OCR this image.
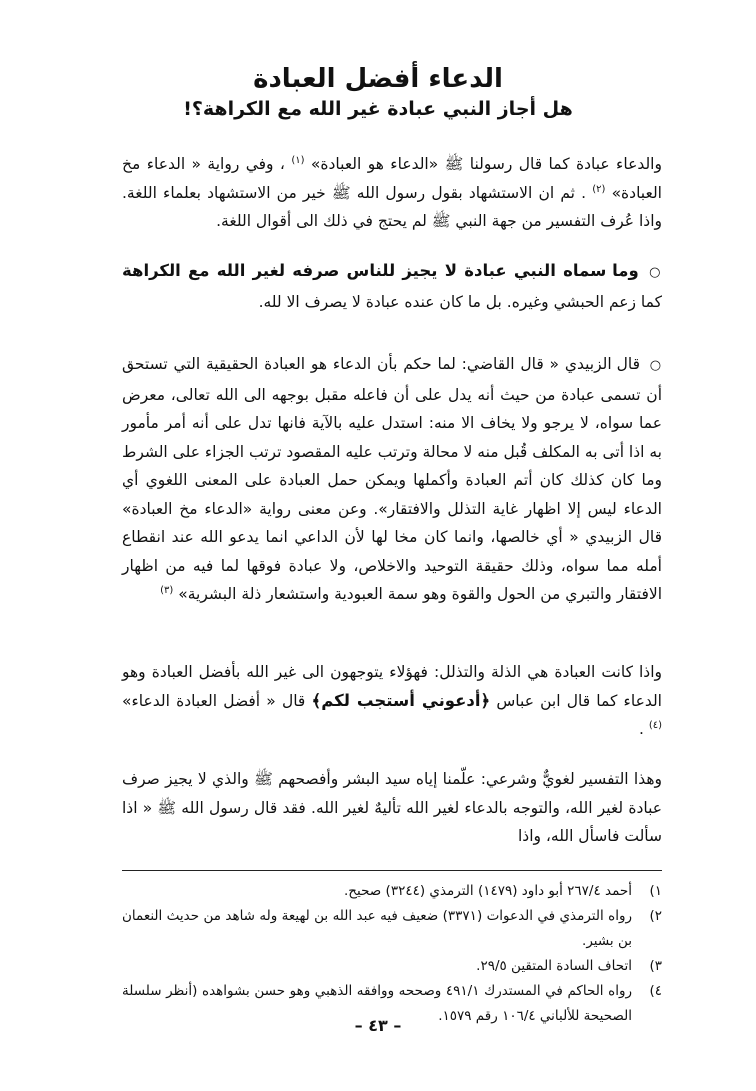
الدعاء أفضل العبادة
هل أجاز النبي عبادة غير الله مع الكراهة؟!

والدعاء عبادة كما قال رسولنا ﷺ «الدعاء هو العبادة» $^{(١)}$ ، وفي رواية « الدعاء مخ العبادة» $^{(٢)}$ . ثم ان الاستشهاد بقول رسول الله ﷺ خير من الاستشهاد بعلماء اللغة. واذا عُرف التفسير من جهة النبي ﷺ لم يحتج في ذلك الى أقوال اللغة.

○ وما سماه النبي عبادة لا يجيز للناس صرفه لغير الله مع الكراهة كما زعم الحبشي وغيره. بل ما كان عنده عبادة لا يصرف الا لله.

○ قال الزبيدي « قال القاضي: لما حكم بأن الدعاء هو العبادة الحقيقية التي تستحق أن تسمى عبادة من حيث أنه يدل على أن فاعله مقبل بوجهه الى الله تعالى، معرض عما سواه، لا يرجو ولا يخاف الا منه: استدل عليه بالآية فانها تدل على أنه أمر مأمور به اذا أتى به المكلف قُبل منه لا محالة وترتب عليه المقصود ترتب الجزاء على الشرط وما كان كذلك كان أتم العبادة وأكملها ويمكن حمل العبادة على المعنى اللغوي أي الدعاء ليس إلا اظهار غاية التذلل والافتقار». وعن معنى رواية «الدعاء مخ العبادة» قال الزبيدي « أي خالصها، وانما كان مخا لها لأن الداعي انما يدعو الله عند انقطاع أمله مما سواه، وذلك حقيقة التوحيد والاخلاص، ولا عبادة فوقها لما فيه من اظهار الافتقار والتبري من الحول والقوة وهو سمة العبودية واستشعار ذلة البشرية» $^{(٣)}$

واذا كانت العبادة هي الذلة والتذلل: فهؤلاء يتوجهون الى غير الله بأفضل العبادة وهو الدعاء كما قال ابن عباس ﴿أدعوني أستجب لكم﴾ قال « أفضل العبادة الدعاء» $^{(٤)}$ .

وهذا التفسير لغويٌّ وشرعي: علّمنا إياه سيد البشر وأفصحهم ﷺ والذي لا يجيز صرف عبادة لغير الله، والتوجه بالدعاء لغير الله تأليهٌ لغير الله. فقد قال رسول الله ﷺ « اذا سألت فاسأل الله، واذا

١)
أحمد ٢٦٧/٤ أبو داود (١٤٧٩) الترمذي (٣٢٤٤) صحيح.
٢)
رواه الترمذي في الدعوات (٣٣٧١) ضعيف فيه عبد الله بن لهيعة وله شاهد من حديث النعمان بن بشير.
٣)
اتحاف السادة المتقين ٢٩/٥.
٤)
رواه الحاكم في المستدرك ٤٩١/١ وصححه ووافقه الذهبي وهو حسن بشواهده (أنظر سلسلة الصحيحة للألباني ١٠٦/٤ رقم ١٥٧٩.
– ٤٣ –
